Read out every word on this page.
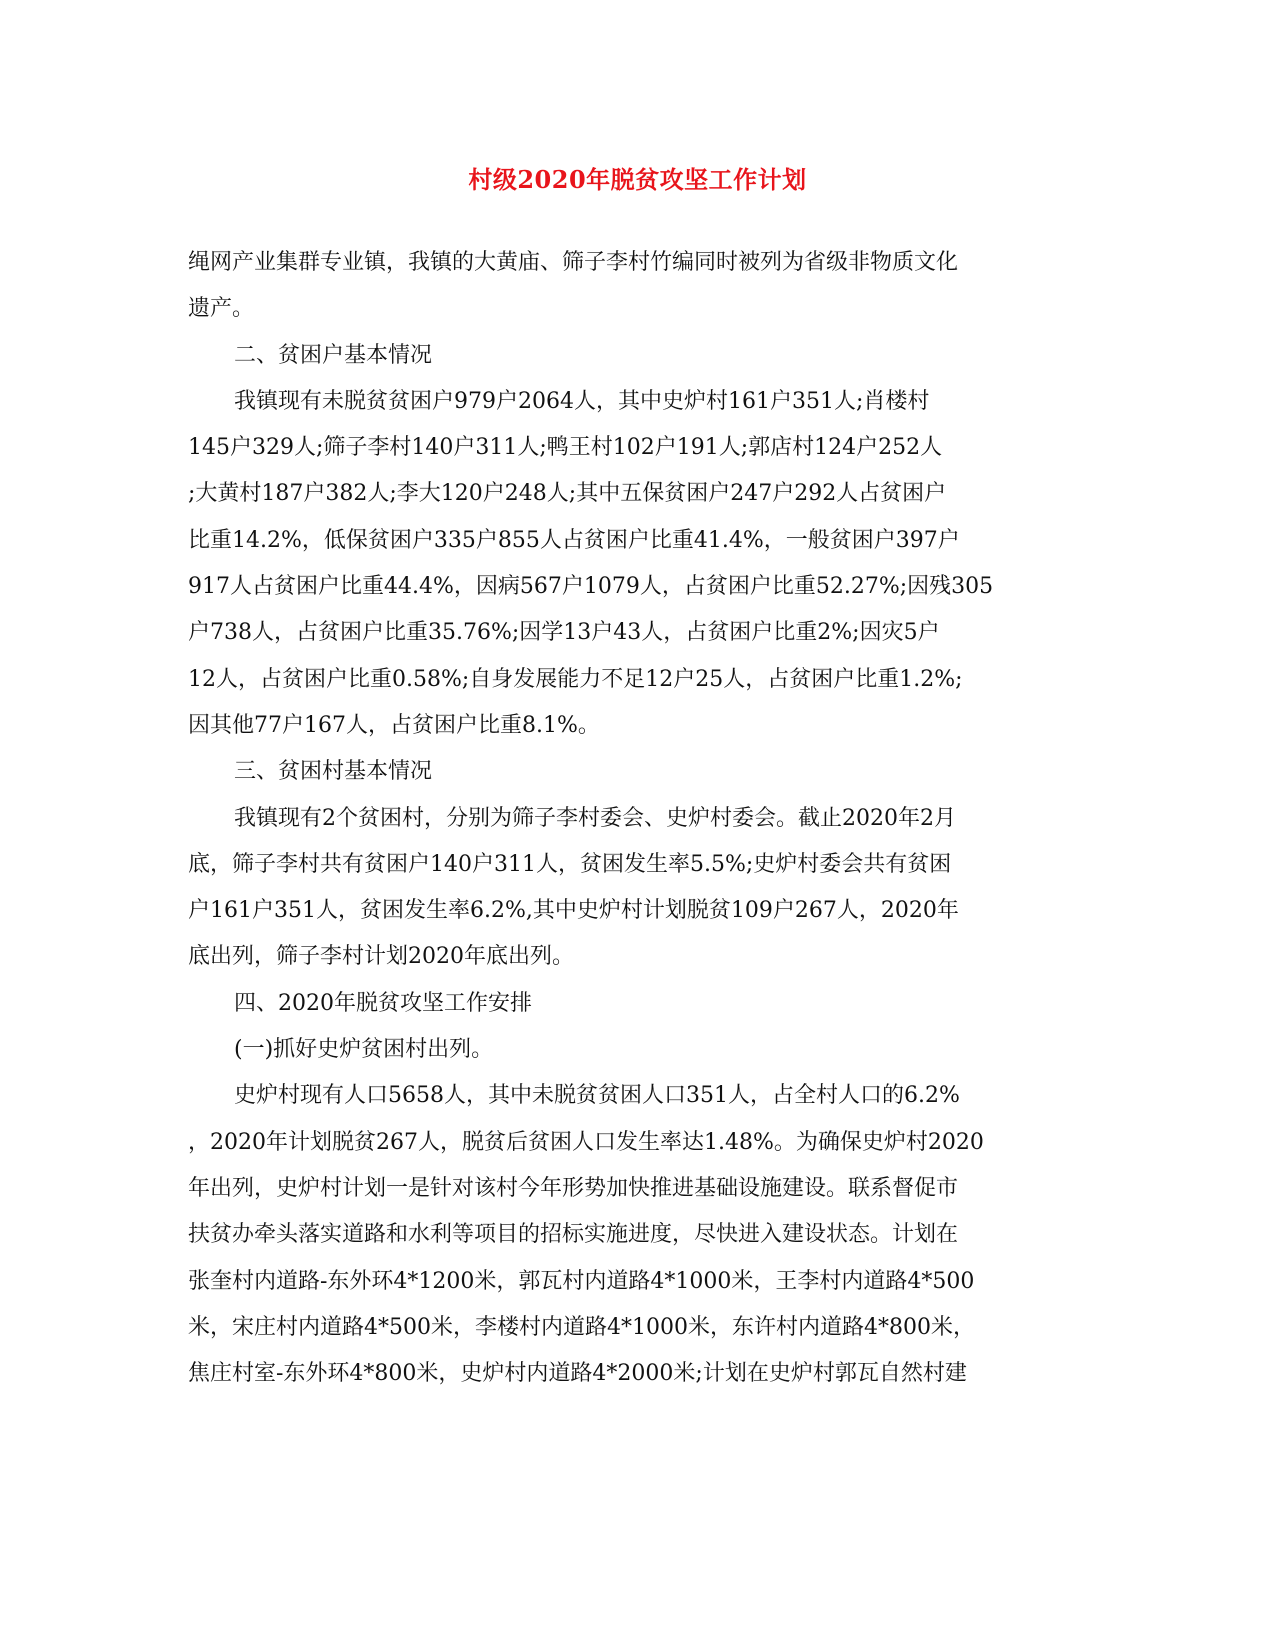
村级2020年脱贫攻坚工作计划
绳网产业集群专业镇，我镇的大黄庙、筛子李村竹编同时被列为省级非物质文化
遗产。
二、贫困户基本情况
我镇现有未脱贫贫困户979户2064人，其中史炉村161户351人;肖楼村
145户329人;筛子李村140户311人;鸭王村102户191人;郭店村124户252人
;大黄村187户382人;李大120户248人;其中五保贫困户247户292人占贫困户
比重14.2%，低保贫困户335户855人占贫困户比重41.4%，一般贫困户397户
917人占贫困户比重44.4%，因病567户1079人，占贫困户比重52.27%;因残305
户738人，占贫困户比重35.76%;因学13户43人，占贫困户比重2%;因灾5户
12人，占贫困户比重0.58%;自身发展能力不足12户25人，占贫困户比重1.2%;
因其他77户167人，占贫困户比重8.1%。
三、贫困村基本情况
我镇现有2个贫困村，分别为筛子李村委会、史炉村委会。截止2020年2月
底，筛子李村共有贫困户140户311人，贫困发生率5.5%;史炉村委会共有贫困
户161户351人，贫困发生率6.2%,其中史炉村计划脱贫109户267人，2020年
底出列，筛子李村计划2020年底出列。
四、2020年脱贫攻坚工作安排
(一)抓好史炉贫困村出列。
史炉村现有人口5658人，其中未脱贫贫困人口351人，占全村人口的6.2%
，2020年计划脱贫267人，脱贫后贫困人口发生率达1.48%。为确保史炉村2020
年出列，史炉村计划一是针对该村今年形势加快推进基础设施建设。联系督促市
扶贫办牵头落实道路和水利等项目的招标实施进度，尽快进入建设状态。计划在
张奎村内道路-东外环4*1200米，郭瓦村内道路4*1000米，王李村内道路4*500
米，宋庄村内道路4*500米，李楼村内道路4*1000米，东许村内道路4*800米，
焦庄村室-东外环4*800米，史炉村内道路4*2000米;计划在史炉村郭瓦自然村建
